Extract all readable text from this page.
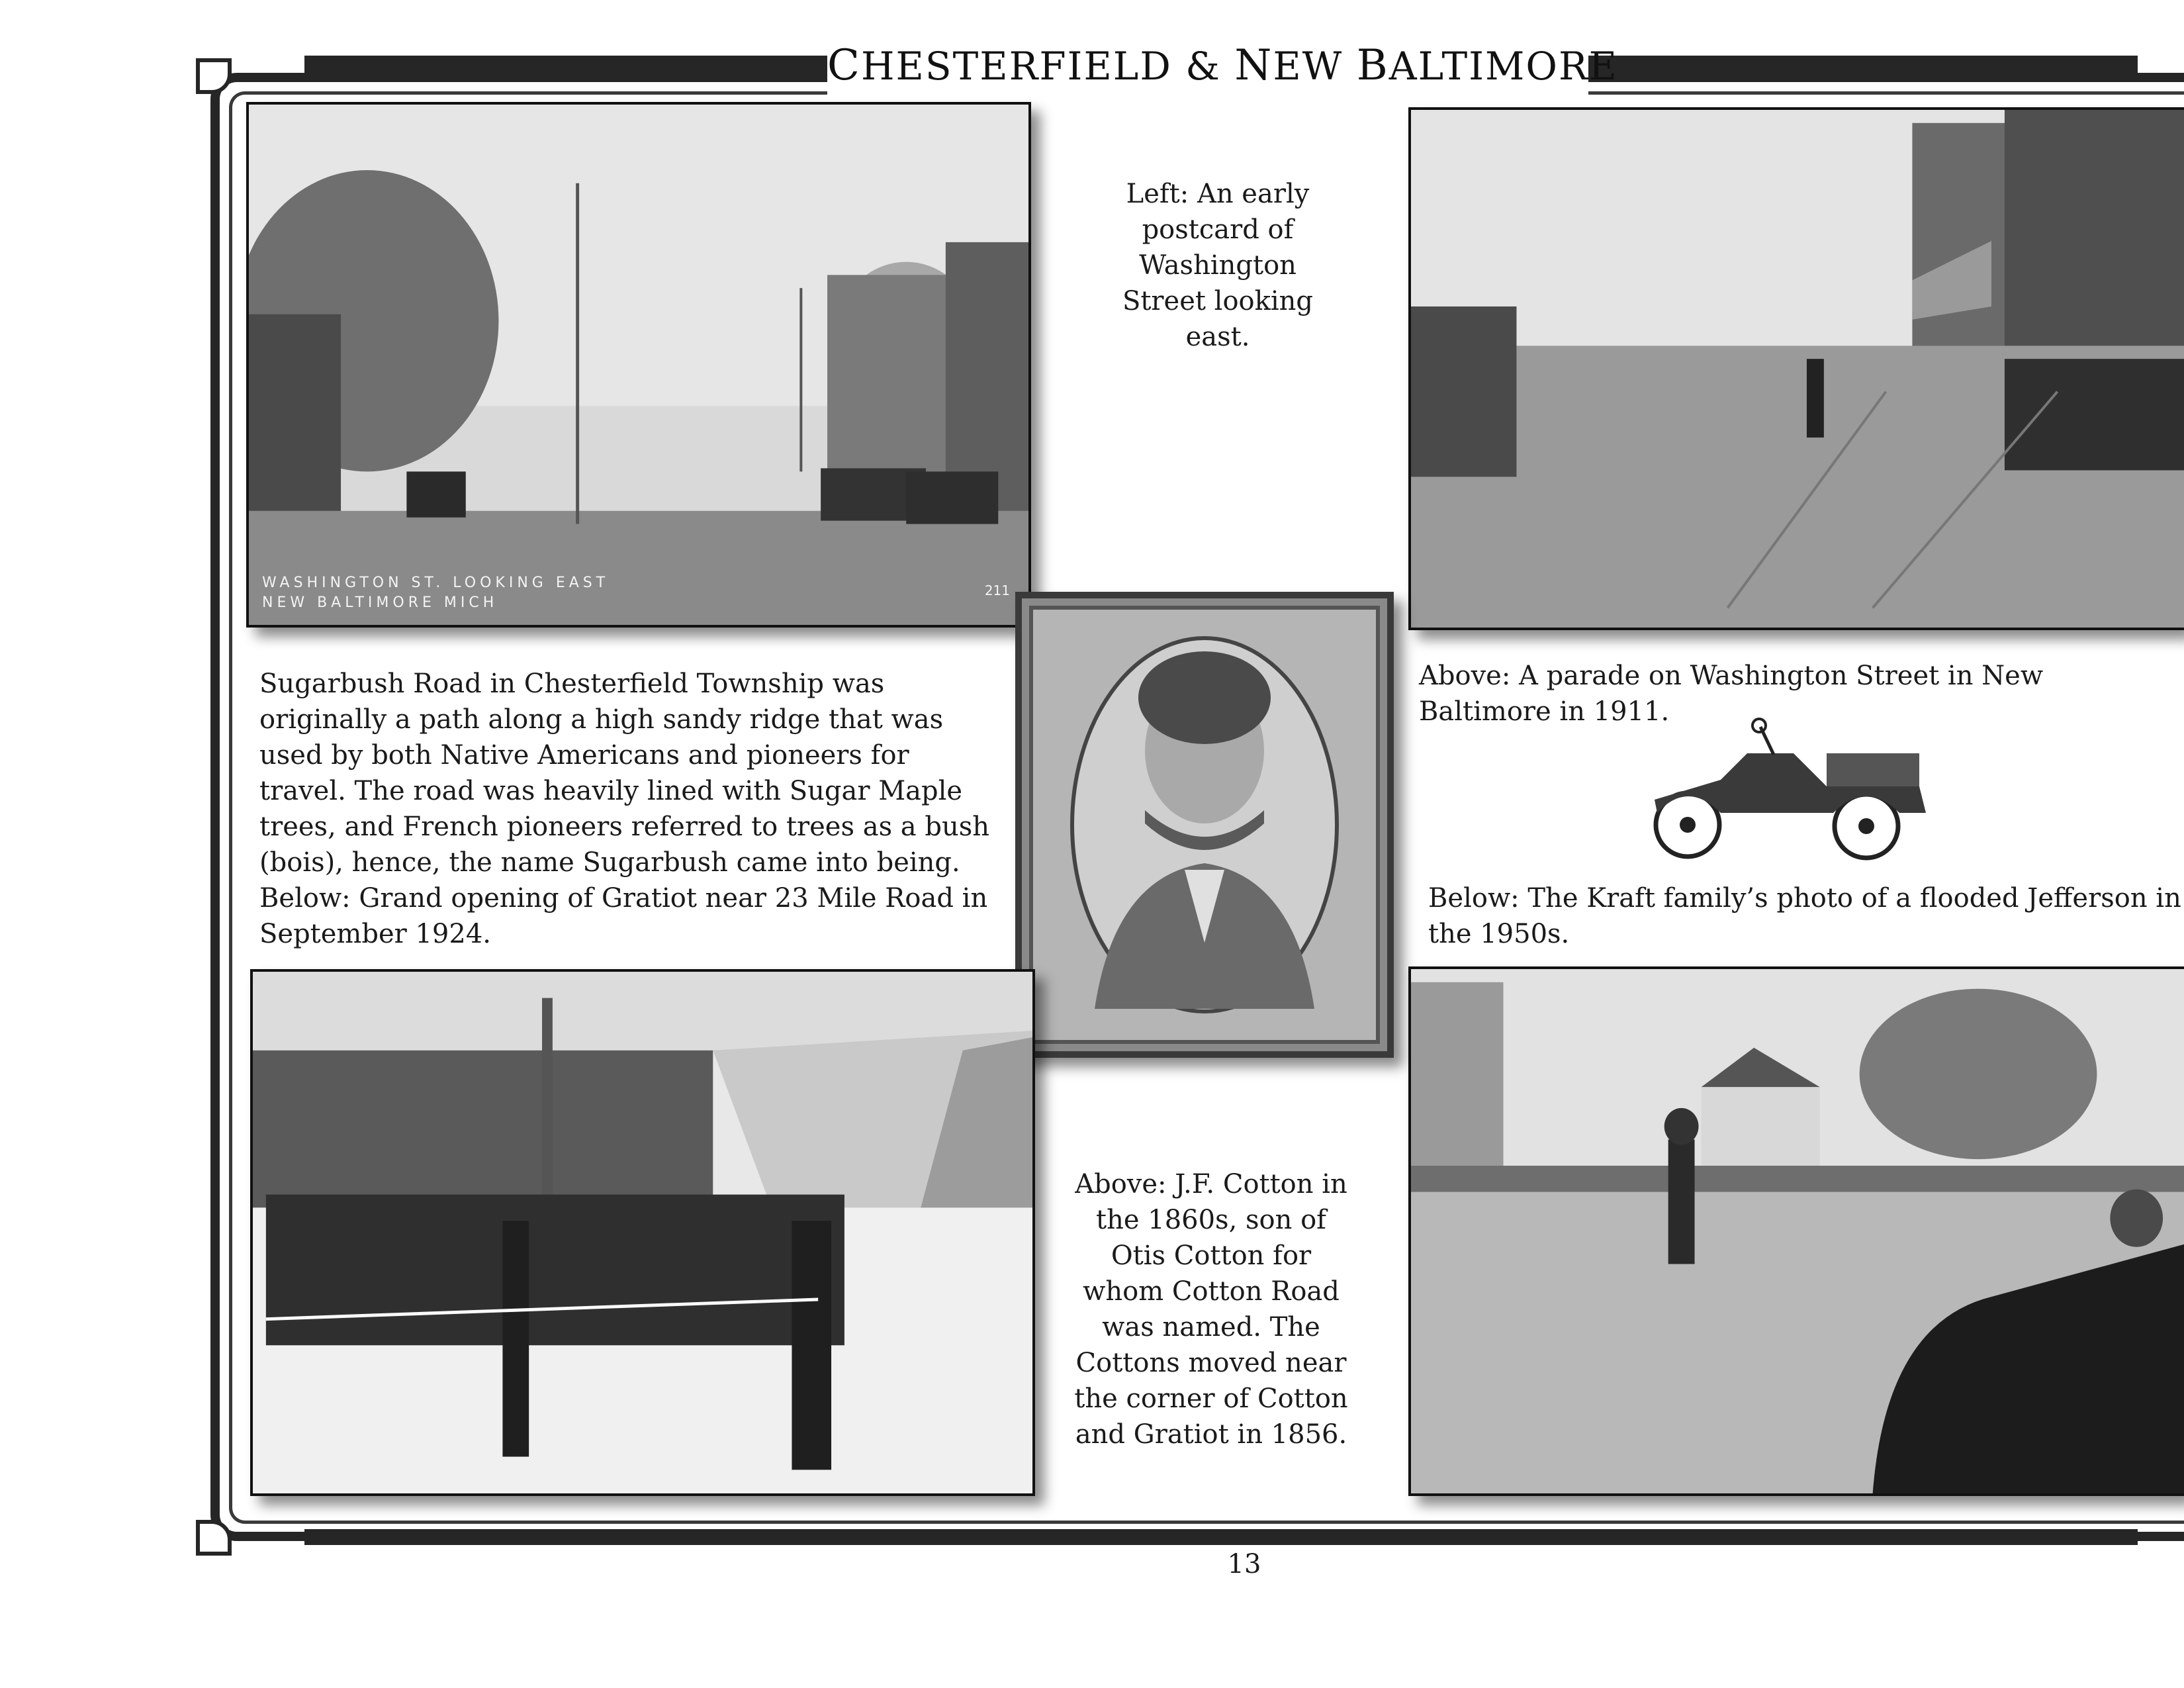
CHESTERFIELD & NEW BALTIMORE
WASHINGTON ST. LOOKING EAST
NEW BALTIMORE MICH
211
Left: An early postcard of Washington Street looking east.
Sugarbush Road in Chesterfield Township was originally a path along a high sandy ridge that was used by both Native Americans and pioneers for travel. The road was heavily lined with Sugar Maple trees, and French pioneers referred to trees as a bush (bois), hence, the name Sugarbush came into being. Below: Grand opening of Gratiot near 23 Mile Road in September 1924.
Above: A parade on Washington Street in New Baltimore in 1911.
Below: The Kraft family’s photo of a flooded Jefferson in the 1950s.
Above: J.F. Cotton in the 1860s, son of Otis Cotton for whom Cotton Road was named. The Cottons moved near the corner of Cotton and Gratiot in 1856.
13
